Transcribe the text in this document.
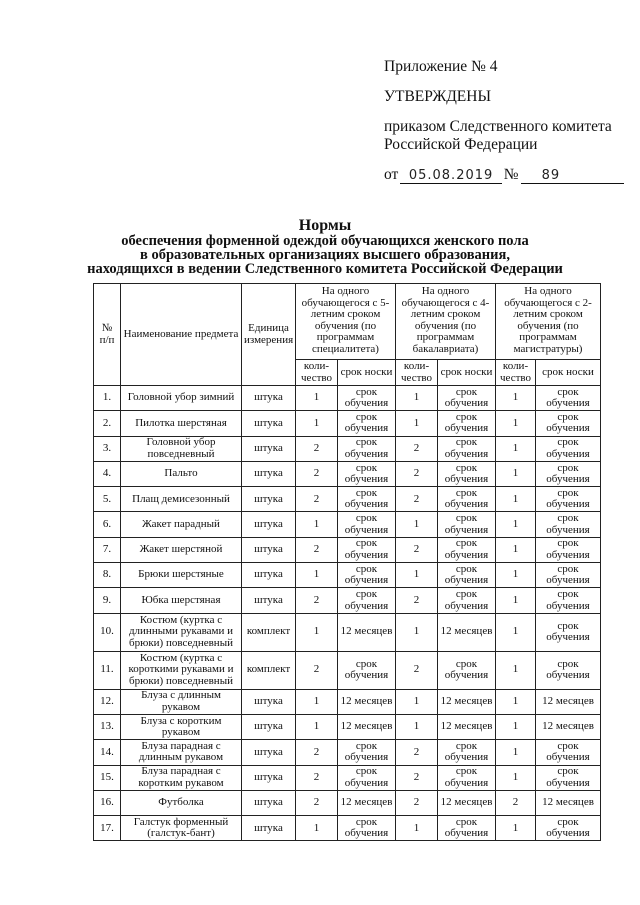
Приложение № 4

УТВЕРЖДЕНЫ

приказом Следственного комитета

Российской Федерации

от 05.08.2019 №	89
Нормы
обеспечения форменной одеждой обучающихся женского пола
в образовательных организациях высшего образования,
находящихся в ведении Следственного комитета Российской Федерации
№ п/п	Наименование предмета	Единица измерения	На одного обучающегося с 5-летним сроком обучения (по программам специалитета)		На одного обучающегося с 4-летним сроком обучения (по программам бакалавриата)		На одного обучающегося с 2-летним сроком обучения (по программам магистратуры)	
			коли-чество	срок носки	коли-чество	срок носки	коли-чество	срок носки
1.	Головной убор зимний	штука	1	срок обучения	1	срок обучения	1	срок обучения
2.	Пилотка шерстяная	штука	1	срок обучения	1	срок обучения	1	срок обучения
3.	Головной убор повседневный	штука	2	срок обучения	2	срок обучения	1	срок обучения
4.	Пальто	штука	2	срок обучения	2	срок обучения	1	срок обучения
5.	Плащ демисезонный	штука	2	срок обучения	2	срок обучения	1	срок обучения
6.	Жакет парадный	штука	1	срок обучения	1	срок обучения	1	срок обучения
7.	Жакет шерстяной	штука	2	срок обучения	2	срок обучения	1	срок обучения
8.	Брюки шерстяные	штука	1	срок обучения	1	срок обучения	1	срок обучения
9.	Юбка шерстяная	штука	2	срок обучения	2	срок обучения	1	срок обучения
10.	Костюм (куртка с длинными рукавами и брюки) повседневный	комплект	1	12 месяцев	1	12 месяцев	1	срок обучения
11.	Костюм (куртка с короткими рукавами и брюки) повседневный	комплект	2	срок обучения	2	срок обучения	1	срок обучения
12.	Блуза с длинным рукавом	штука	1	12 месяцев	1	12 месяцев	1	12 месяцев
13.	Блуза с коротким рукавом	штука	1	12 месяцев	1	12 месяцев	1	12 месяцев
14.	Блуза парадная с длинным рукавом	штука	2	срок обучения	2	срок обучения	1	срок обучения
15.	Блуза парадная с коротким рукавом	штука	2	срок обучения	2	срок обучения	1	срок обучения
16.	Футболка	штука	2	12 месяцев	2	12 месяцев	2	12 месяцев
17.	Галстук форменный (галстук-бант)	штука	1	срок обучения	1	срок обучения	1	срок обучения
